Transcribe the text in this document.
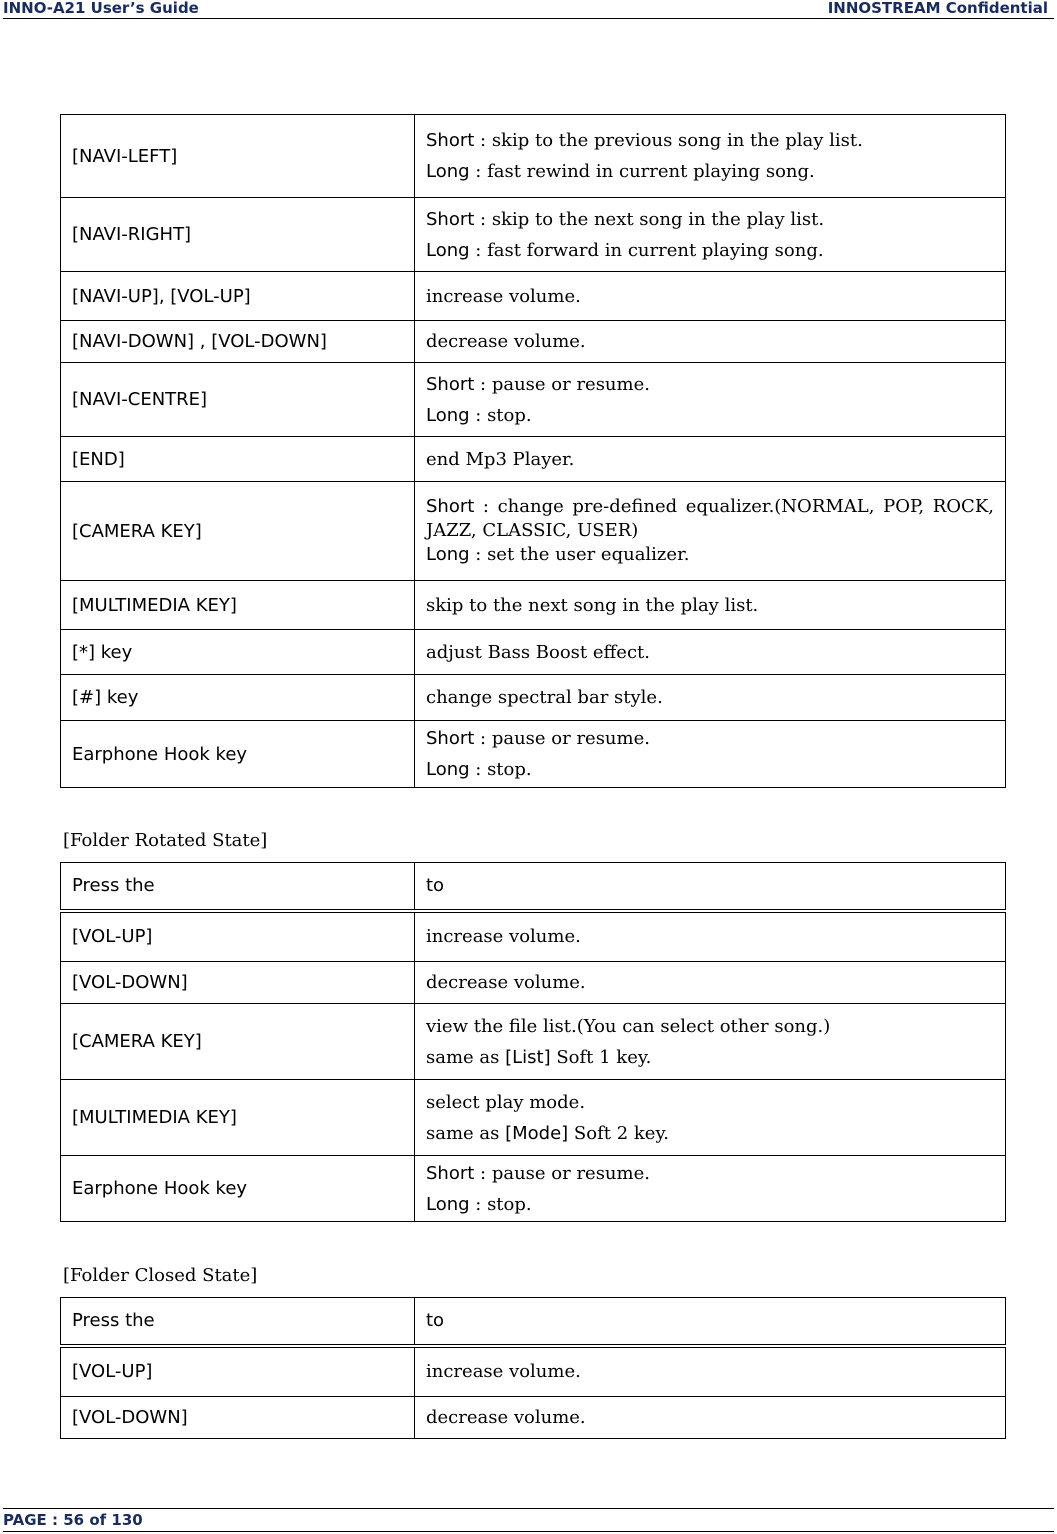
INNO-A21 User’s Guide	INNOSTREAM Confidential
[NAVI-LEFT]	Short : skip to the previous song in the play list.
Long : fast rewind in current playing song.

[NAVI-RIGHT]	Short : skip to the next song in the play list.
Long : fast forward in current playing song.

[NAVI-UP], [VOL-UP]	increase volume.

[NAVI-DOWN] , [VOL-DOWN]	decrease volume.

[NAVI-CENTRE]	Short : pause or resume.
Long : stop.

[END]	end Mp3 Player.

[CAMERA KEY]	Short : change pre-defined equalizer.(NORMAL, POP, ROCK, JAZZ, CLASSIC, USER)
Long : set the user equalizer.

[MULTIMEDIA KEY]	skip to the next song in the play list.

[*] key	adjust Bass Boost effect.

[#] key	change spectral bar style.

Earphone Hook key	Short : pause or resume.
Long : stop.
[Folder Rotated State]
Press the	to
[VOL-UP]	increase volume.

[VOL-DOWN]	decrease volume.

[CAMERA KEY]	view the file list.(You can select other song.)
same as [List] Soft 1 key.

[MULTIMEDIA KEY]	select play mode.
same as [Mode] Soft 2 key.

Earphone Hook key	Short : pause or resume.
Long : stop.
[Folder Closed State]
Press the	to
[VOL-UP]	increase volume.

[VOL-DOWN]	decrease volume.
PAGE : 56 of 130
